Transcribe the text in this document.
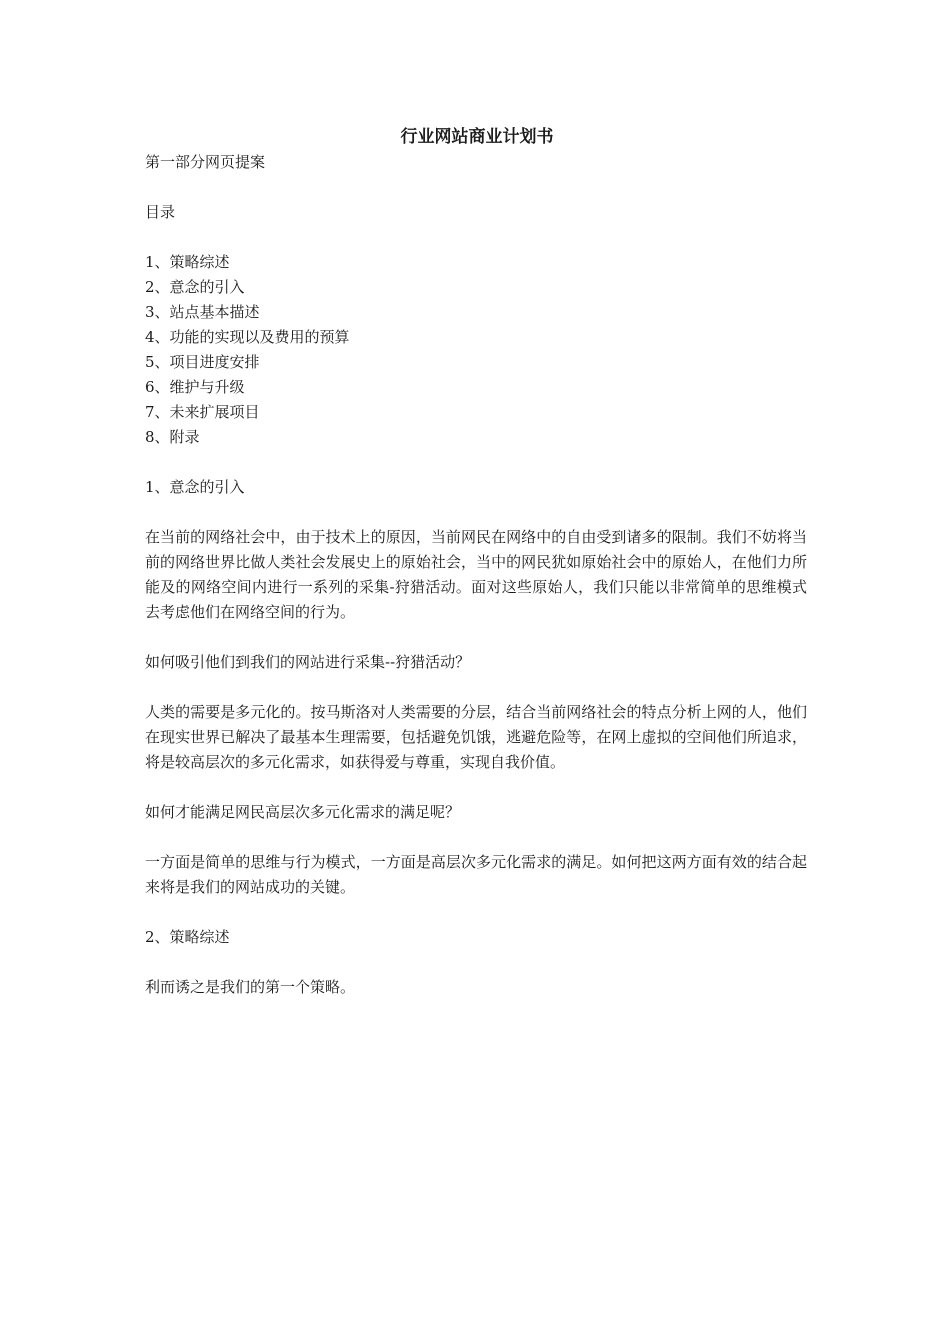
行业网站商业计划书

第一部分网页提案

目录

1、策略综述
2、意念的引入
3、站点基本描述
4、功能的实现以及费用的预算
5、项目进度安排
6、维护与升级
7、未来扩展项目
8、附录

1、意念的引入

在当前的网络社会中，由于技术上的原因，当前网民在网络中的自由受到诸多的限制。我们不妨将当前的网络世界比做人类社会发展史上的原始社会，当中的网民犹如原始社会中的原始人，在他们力所能及的网络空间内进行一系列的采集-狩猎活动。面对这些原始人，我们只能以非常简单的思维模式去考虑他们在网络空间的行为。

如何吸引他们到我们的网站进行采集--狩猎活动？

人类的需要是多元化的。按马斯洛对人类需要的分层，结合当前网络社会的特点分析上网的人，他们在现实世界已解决了最基本生理需要，包括避免饥饿，逃避危险等，在网上虚拟的空间他们所追求，将是较高层次的多元化需求，如获得爱与尊重，实现自我价值。

如何才能满足网民高层次多元化需求的满足呢？

一方面是简单的思维与行为模式，一方面是高层次多元化需求的满足。如何把这两方面有效的结合起来将是我们的网站成功的关键。

2、策略综述

利而诱之是我们的第一个策略。
